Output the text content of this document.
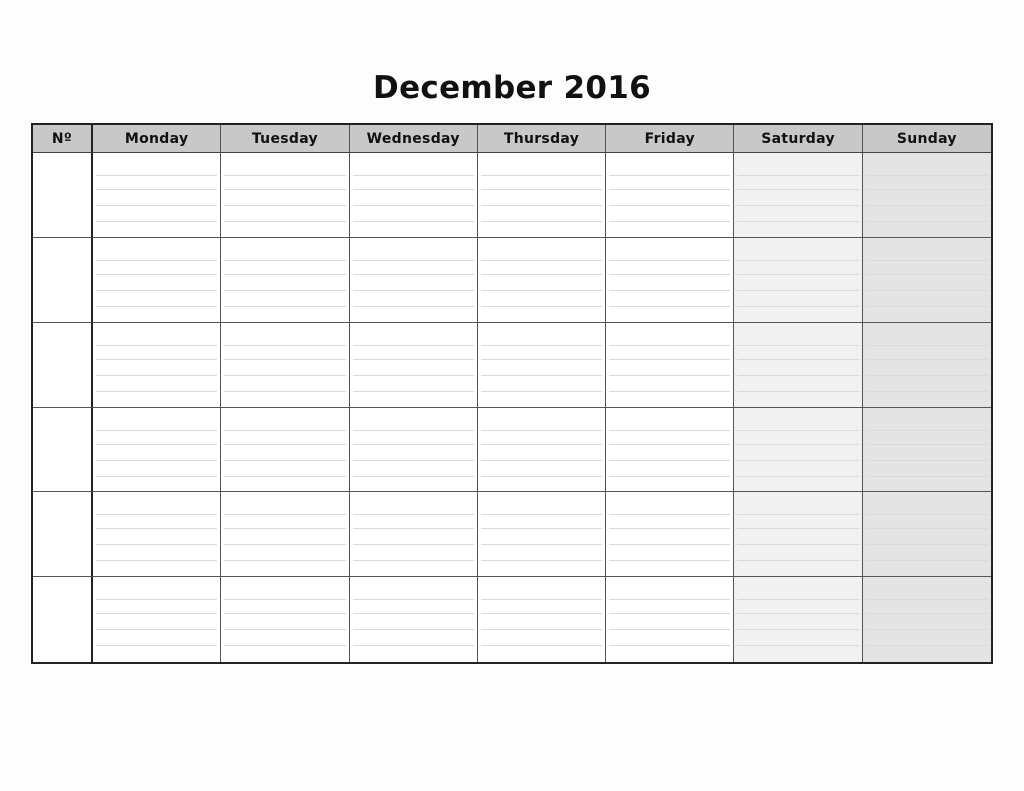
December 2016
Nº	Monday	Tuesday	Wednesday	Thursday	Friday	Saturday	Sunday
